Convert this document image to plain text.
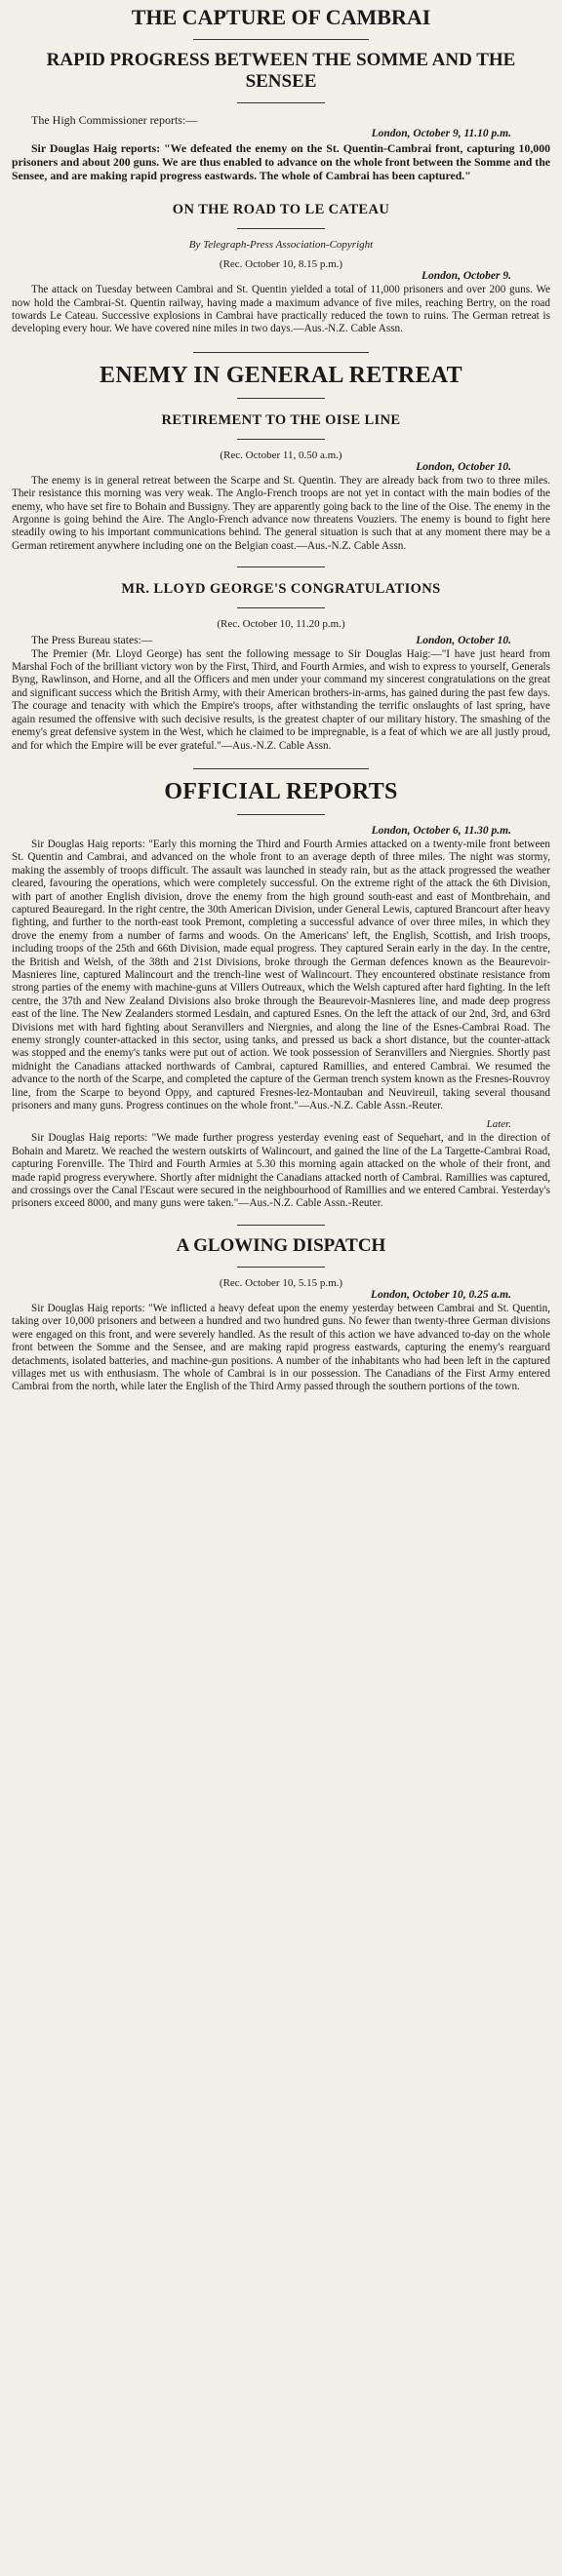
THE CAPTURE OF CAMBRAI
RAPID PROGRESS BETWEEN THE SOMME AND THE SENSEE

The High Commissioner reports:—

London, October 9, 11.10 p.m.

Sir Douglas Haig reports: "We defeated the enemy on the St. Quentin-Cambrai front, capturing 10,000 prisoners and about 200 guns. We are thus enabled to advance on the whole front between the Somme and the Sensee, and are making rapid progress eastwards. The whole of Cambrai has been captured."

ON THE ROAD TO LE CATEAU
By Telegraph-Press Association-Copyright
(Rec. October 10, 8.15 p.m.)
London, October 9.

The attack on Tuesday between Cambrai and St. Quentin yielded a total of 11,000 prisoners and over 200 guns. We now hold the Cambrai-St. Quentin railway, having made a maximum advance of five miles, reaching Bertry, on the road towards Le Cateau. Successive explosions in Cambrai have practically reduced the town to ruins. The German retreat is developing every hour. We have covered nine miles in two days.—Aus.-N.Z. Cable Assn.

ENEMY IN GENERAL RETREAT
RETIREMENT TO THE OISE LINE
(Rec. October 11, 0.50 a.m.)
London, October 10.

The enemy is in general retreat between the Scarpe and St. Quentin. They are already back from two to three miles. Their resistance this morning was very weak. The Anglo-French troops are not yet in contact with the main bodies of the enemy, who have set fire to Bohain and Bussigny. They are apparently going back to the line of the Oise. The enemy in the Argonne is going behind the Aire. The Anglo-French advance now threatens Vouziers. The enemy is bound to fight here steadily owing to his important communications behind. The general situation is such that at any moment there may be a German retirement anywhere including one on the Belgian coast.—Aus.-N.Z. Cable Assn.

MR. LLOYD GEORGE'S CONGRATULATIONS
(Rec. October 10, 11.20 p.m.)

The Press Bureau states:—	London, October 10.

The Premier (Mr. Lloyd George) has sent the following message to Sir Douglas Haig:—"I have just heard from Marshal Foch of the brilliant victory won by the First, Third, and Fourth Armies, and wish to express to yourself, Generals Byng, Rawlinson, and Horne, and all the Officers and men under your command my sincerest congratulations on the great and significant success which the British Army, with their American brothers-in-arms, has gained during the past few days. The courage and tenacity with which the Empire's troops, after withstanding the terrific onslaughts of last spring, have again resumed the offensive with such decisive results, is the greatest chapter of our military history. The smashing of the enemy's great defensive system in the West, which he claimed to be impregnable, is a feat of which we are all justly proud, and for which the Empire will be ever grateful."—Aus.-N.Z. Cable Assn.

OFFICIAL REPORTS
London, October 6, 11.30 p.m.

Sir Douglas Haig reports: "Early this morning the Third and Fourth Armies attacked on a twenty-mile front between St. Quentin and Cambrai, and advanced on the whole front to an average depth of three miles. The night was stormy, making the assembly of troops difficult. The assault was launched in steady rain, but as the attack progressed the weather cleared, favouring the operations, which were completely successful. On the extreme right of the attack the 6th Division, with part of another English division, drove the enemy from the high ground south-east and east of Montbrehain, and captured Beauregard. In the right centre, the 30th American Division, under General Lewis, captured Brancourt after heavy fighting, and further to the north-east took Premont, completing a successful advance of over three miles, in which they drove the enemy from a number of farms and woods. On the Americans' left, the English, Scottish, and Irish troops, including troops of the 25th and 66th Division, made equal progress. They captured Serain early in the day. In the centre, the British and Welsh, of the 38th and 21st Divisions, broke through the German defences known as the Beaurevoir-Masnieres line, captured Malincourt and the trench-line west of Walincourt. They encountered obstinate resistance from strong parties of the enemy with machine-guns at Villers Outreaux, which the Welsh captured after hard fighting. In the left centre, the 37th and New Zealand Divisions also broke through the Beaurevoir-Masnieres line, and made deep progress east of the line. The New Zealanders stormed Lesdain, and captured Esnes. On the left the attack of our 2nd, 3rd, and 63rd Divisions met with hard fighting about Seranvillers and Niergnies, and along the line of the Esnes-Cambrai Road. The enemy strongly counter-attacked in this sector, using tanks, and pressed us back a short distance, but the counter-attack was stopped and the enemy's tanks were put out of action. We took possession of Seranvillers and Niergnies. Shortly past midnight the Canadians attacked northwards of Cambrai, captured Ramillies, and entered Cambrai. We resumed the advance to the north of the Scarpe, and completed the capture of the German trench system known as the Fresnes-Rouvroy line, from the Scarpe to beyond Oppy, and captured Fresnes-lez-Montauban and Neuvireuil, taking several thousand prisoners and many guns. Progress continues on the whole front."—Aus.-N.Z. Cable Assn.-Reuter.

Later.

Sir Douglas Haig reports: "We made further progress yesterday evening east of Sequehart, and in the direction of Bohain and Maretz. We reached the western outskirts of Walincourt, and gained the line of the La Targette-Cambrai Road, capturing Forenville. The Third and Fourth Armies at 5.30 this morning again attacked on the whole of their front, and made rapid progress everywhere. Shortly after midnight the Canadians attacked north of Cambrai. Ramillies was captured, and crossings over the Canal l'Escaut were secured in the neighbourhood of Ramillies and we entered Cambrai. Yesterday's prisoners exceed 8000, and many guns were taken."—Aus.-N.Z. Cable Assn.-Reuter.

A GLOWING DISPATCH
(Rec. October 10, 5.15 p.m.)
London, October 10, 0.25 a.m.

Sir Douglas Haig reports: "We inflicted a heavy defeat upon the enemy yesterday between Cambrai and St. Quentin, taking over 10,000 prisoners and between a hundred and two hundred guns. No fewer than twenty-three German divisions were engaged on this front, and were severely handled. As the result of this action we have advanced to-day on the whole front between the Somme and the Sensee, and are making rapid progress eastwards, capturing the enemy's rearguard detachments, isolated batteries, and machine-gun positions. A number of the inhabitants who had been left in the captured villages met us with enthusiasm. The whole of Cambrai is in our possession. The Canadians of the First Army entered Cambrai from the north, while later the English of the Third Army passed through the southern portions of the town.
